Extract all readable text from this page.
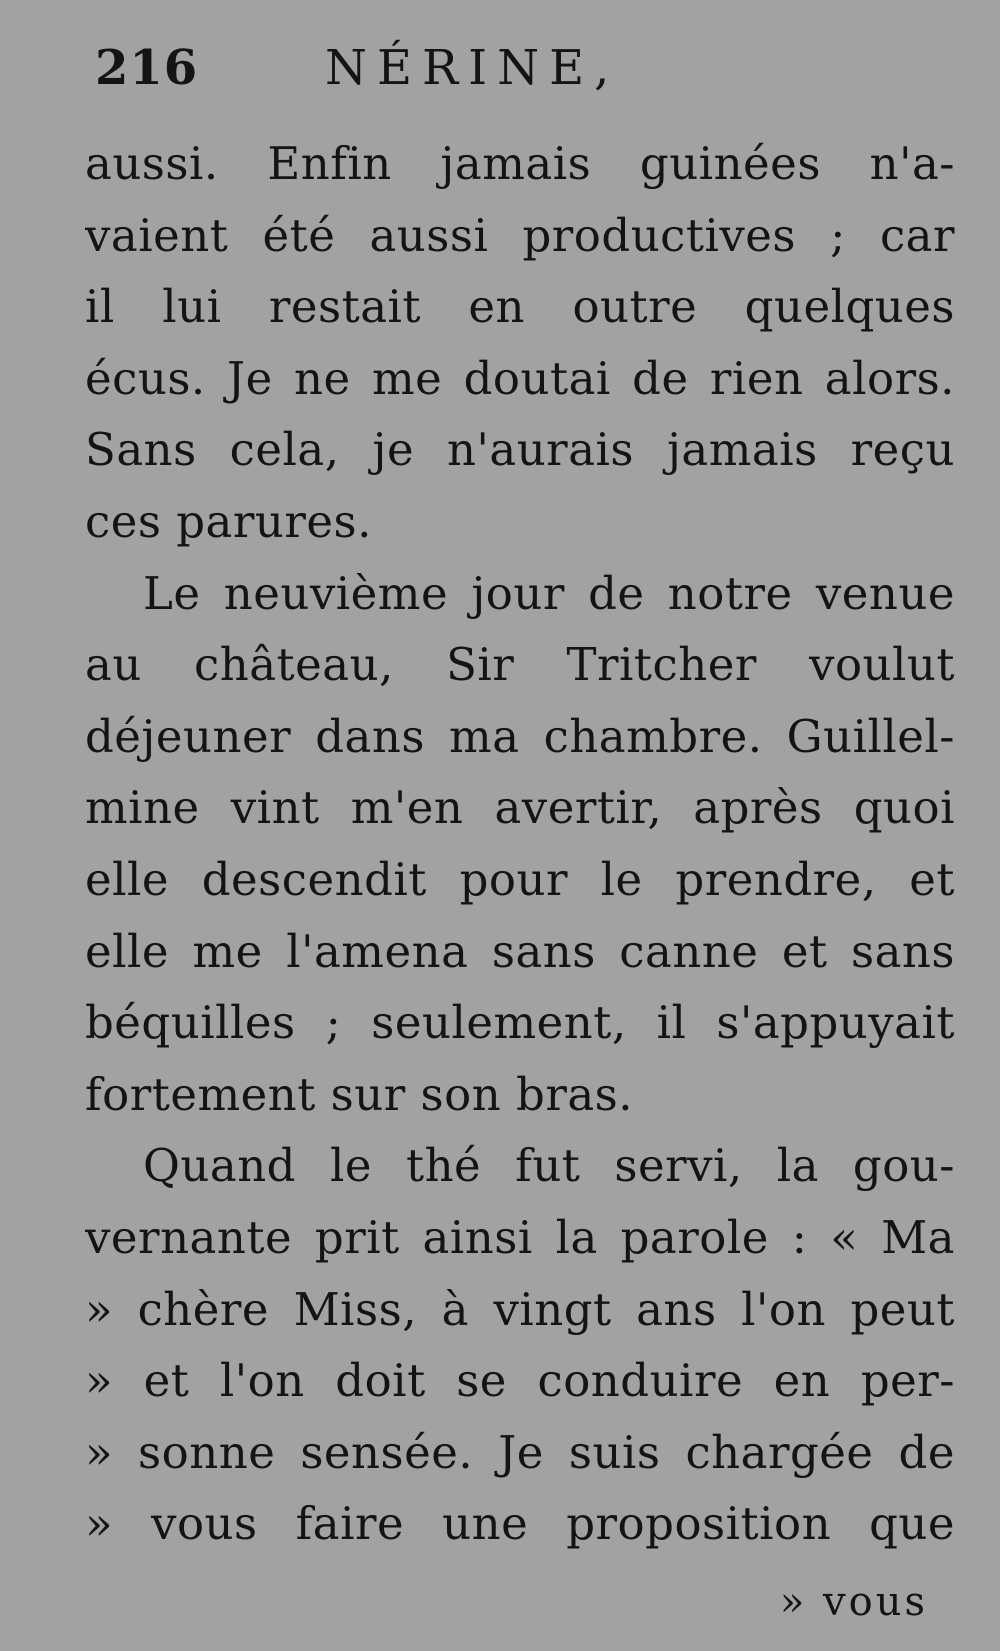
216	NÉRINE,
aussi. Enfin jamais guinées n'a-
vaient été aussi productives ; car
il lui restait en outre quelques
écus. Je ne me doutai de rien alors.
Sans cela, je n'aurais jamais reçu
ces parures.
Le neuvième jour de notre venue
au château, Sir Tritcher voulut
déjeuner dans ma chambre. Guillel-
mine vint m'en avertir, après quoi
elle descendit pour le prendre, et
elle me l'amena sans canne et sans
béquilles ; seulement, il s'appuyait
fortement sur son bras.
Quand le thé fut servi, la gou-
vernante prit ainsi la parole : « Ma
» chère Miss, à vingt ans l'on peut
» et l'on doit se conduire en per-
» sonne sensée. Je suis chargée de
» vous faire une proposition que
» vous
